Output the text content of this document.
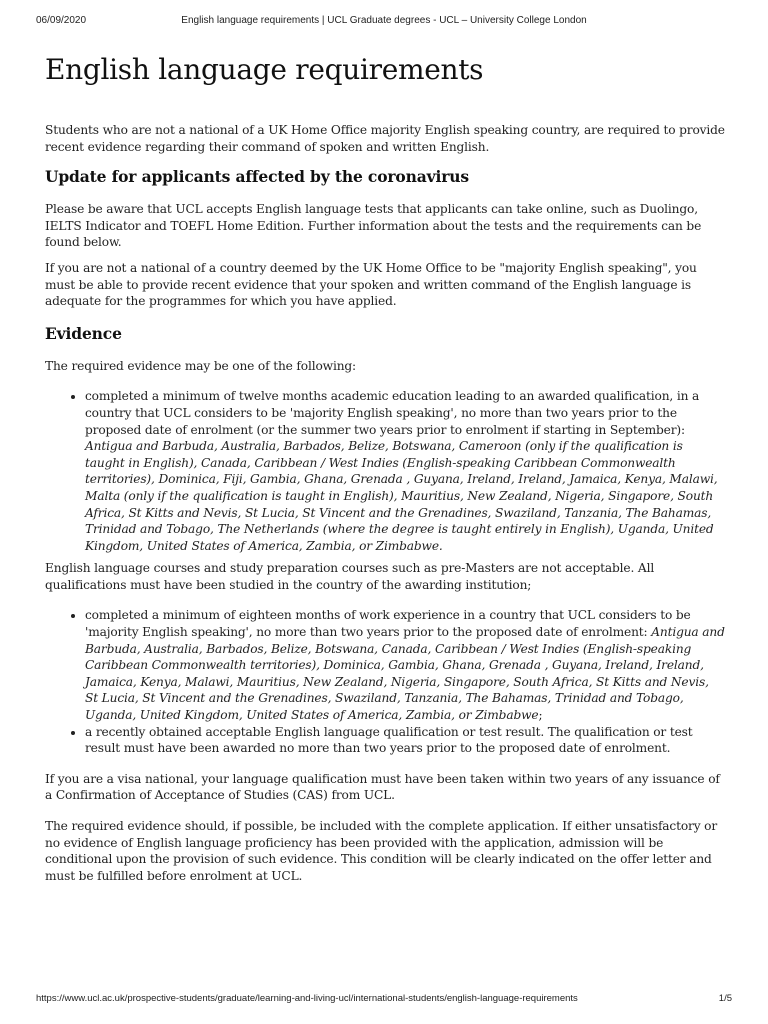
06/09/2020	English language requirements | UCL Graduate degrees - UCL – University College London
English language requirements

Students who are not a national of a UK Home Office majority English speaking country, are required to provide recent evidence regarding their command of spoken and written English.

Update for applicants affected by the coronavirus

Please be aware that UCL accepts English language tests that applicants can take online, such as Duolingo, IELTS Indicator and TOEFL Home Edition. Further information about the tests and the requirements can be found below.

If you are not a national of a country deemed by the UK Home Office to be "majority English speaking", you must be able to provide recent evidence that your spoken and written command of the English language is adequate for the programmes for which you have applied.

Evidence

The required evidence may be one of the following:

• completed a minimum of twelve months academic education leading to an awarded qualification, in a country that UCL considers to be 'majority English speaking', no more than two years prior to the proposed date of enrolment (or the summer two years prior to enrolment if starting in September): Antigua and Barbuda, Australia, Barbados, Belize, Botswana, Cameroon (only if the qualification is taught in English), Canada, Caribbean / West Indies (English-speaking Caribbean Commonwealth territories), Dominica, Fiji, Gambia, Ghana, Grenada , Guyana, Ireland, Ireland, Jamaica, Kenya, Malawi, Malta (only if the qualification is taught in English), Mauritius, New Zealand, Nigeria, Singapore, South Africa, St Kitts and Nevis, St Lucia, St Vincent and the Grenadines, Swaziland, Tanzania, The Bahamas, Trinidad and Tobago, The Netherlands (where the degree is taught entirely in English), Uganda, United Kingdom, United States of America, Zambia, or Zimbabwe.

English language courses and study preparation courses such as pre-Masters are not acceptable. All qualifications must have been studied in the country of the awarding institution;

• completed a minimum of eighteen months of work experience in a country that UCL considers to be 'majority English speaking', no more than two years prior to the proposed date of enrolment: Antigua and Barbuda, Australia, Barbados, Belize, Botswana, Canada, Caribbean / West Indies (English-speaking Caribbean Commonwealth territories), Dominica, Gambia, Ghana, Grenada , Guyana, Ireland, Ireland, Jamaica, Kenya, Malawi, Mauritius, New Zealand, Nigeria, Singapore, South Africa, St Kitts and Nevis, St Lucia, St Vincent and the Grenadines, Swaziland, Tanzania, The Bahamas, Trinidad and Tobago, Uganda, United Kingdom, United States of America, Zambia, or Zimbabwe;
• a recently obtained acceptable English language qualification or test result. The qualification or test result must have been awarded no more than two years prior to the proposed date of enrolment.

If you are a visa national, your language qualification must have been taken within two years of any issuance of a Confirmation of Acceptance of Studies (CAS) from UCL.

The required evidence should, if possible, be included with the complete application. If either unsatisfactory or no evidence of English language proficiency has been provided with the application, admission will be conditional upon the provision of such evidence. This condition will be clearly indicated on the offer letter and must be fulfilled before enrolment at UCL.

https://www.ucl.ac.uk/prospective-students/graduate/learning-and-living-ucl/international-students/english-language-requirements	1/5
